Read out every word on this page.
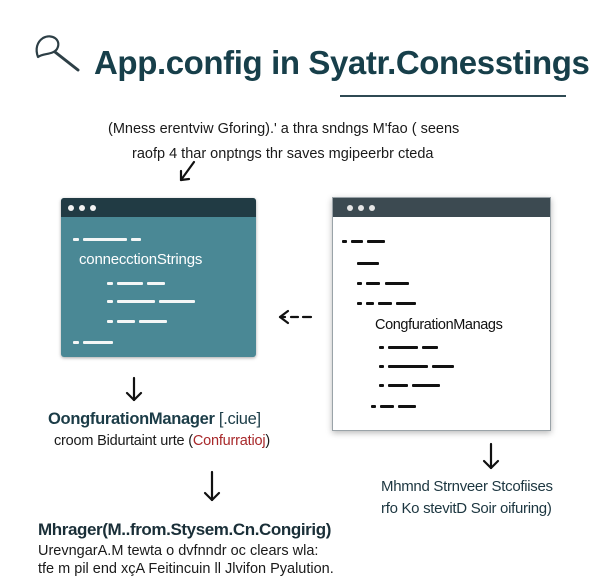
App.config in Syatr.Conesstings
(Mness erentviw Gforing).' a thra sndngs M'fao ( seens
raofp 4 thar onptngs thr saves mgipeerbr cteda
connecctionStrings
CongfurationManags
OongfurationManager [.ciue]
croom Bidurtaint urte (Confurratioj)
Mhmnd Strnveer Stcofiises
rfo Ko stevitD Soir oifuring)
Mhrager(M..from.Stysem.Cn.Congirig)
UrevngarA.M tewta o dvfnndr oc clears wla:
tfe m pil end xçA Feitincuin ll Jlvifon Pyalution.
